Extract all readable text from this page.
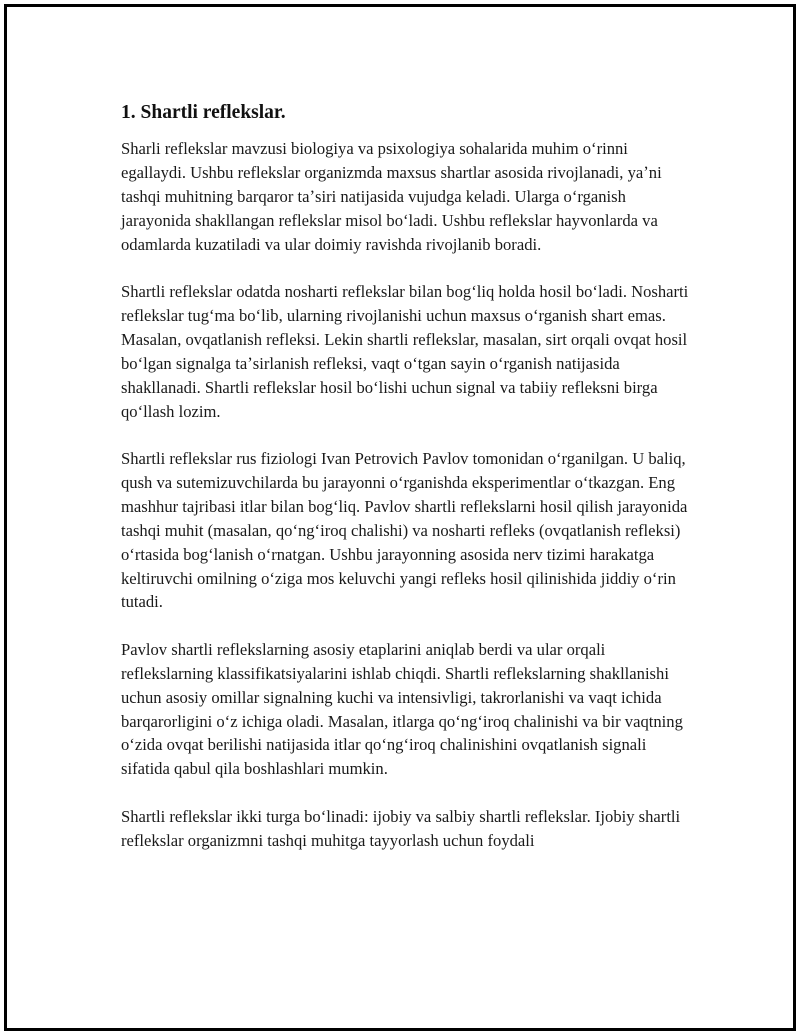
1. Shartli reflekslar.

Sharli reflekslar mavzusi biologiya va psixologiya sohalarida muhim oʻrinni egallaydi. Ushbu reflekslar organizmda maxsus shartlar asosida rivojlanadi, yaʼni tashqi muhitning barqaror taʼsiri natijasida vujudga keladi. Ularga oʻrganish jarayonida shakllangan reflekslar misol boʻladi. Ushbu reflekslar hayvonlarda va odamlarda kuzatiladi va ular doimiy ravishda rivojlanib boradi.

Shartli reflekslar odatda nosharti reflekslar bilan bogʻliq holda hosil boʻladi. Nosharti reflekslar tugʻma boʻlib, ularning rivojlanishi uchun maxsus oʻrganish shart emas. Masalan, ovqatlanish refleksi. Lekin shartli reflekslar, masalan, sirt orqali ovqat hosil boʻlgan signalga taʼsirlanish refleksi, vaqt oʻtgan sayin oʻrganish natijasida shakllanadi. Shartli reflekslar hosil boʻlishi uchun signal va tabiiy refleksni birga qoʻllash lozim.

Shartli reflekslar rus fiziologi Ivan Petrovich Pavlov tomonidan oʻrganilgan. U baliq, qush va sutemizuvchilarda bu jarayonni oʻrganishda eksperimentlar oʻtkazgan. Eng mashhur tajribasi itlar bilan bogʻliq. Pavlov shartli reflekslarni hosil qilish jarayonida tashqi muhit (masalan, qoʻngʻiroq chalishi) va nosharti refleks (ovqatlanish refleksi) oʻrtasida bogʻlanish oʻrnatgan. Ushbu jarayonning asosida nerv tizimi harakatga keltiruvchi omilning oʻziga mos keluvchi yangi refleks hosil qilinishida jiddiy oʻrin tutadi.

Pavlov shartli reflekslarning asosiy etaplarini aniqlab berdi va ular orqali reflekslarning klassifikatsiyalarini ishlab chiqdi. Shartli reflekslarning shakllanishi uchun asosiy omillar signalning kuchi va intensivligi, takrorlanishi va vaqt ichida barqarorligini oʻz ichiga oladi. Masalan, itlarga qoʻngʻiroq chalinishi va bir vaqtning oʻzida ovqat berilishi natijasida itlar qoʻngʻiroq chalinishini ovqatlanish signali sifatida qabul qila boshlashlari mumkin.

Shartli reflekslar ikki turga boʻlinadi: ijobiy va salbiy shartli reflekslar. Ijobiy shartli reflekslar organizmni tashqi muhitga tayyorlash uchun foydali
